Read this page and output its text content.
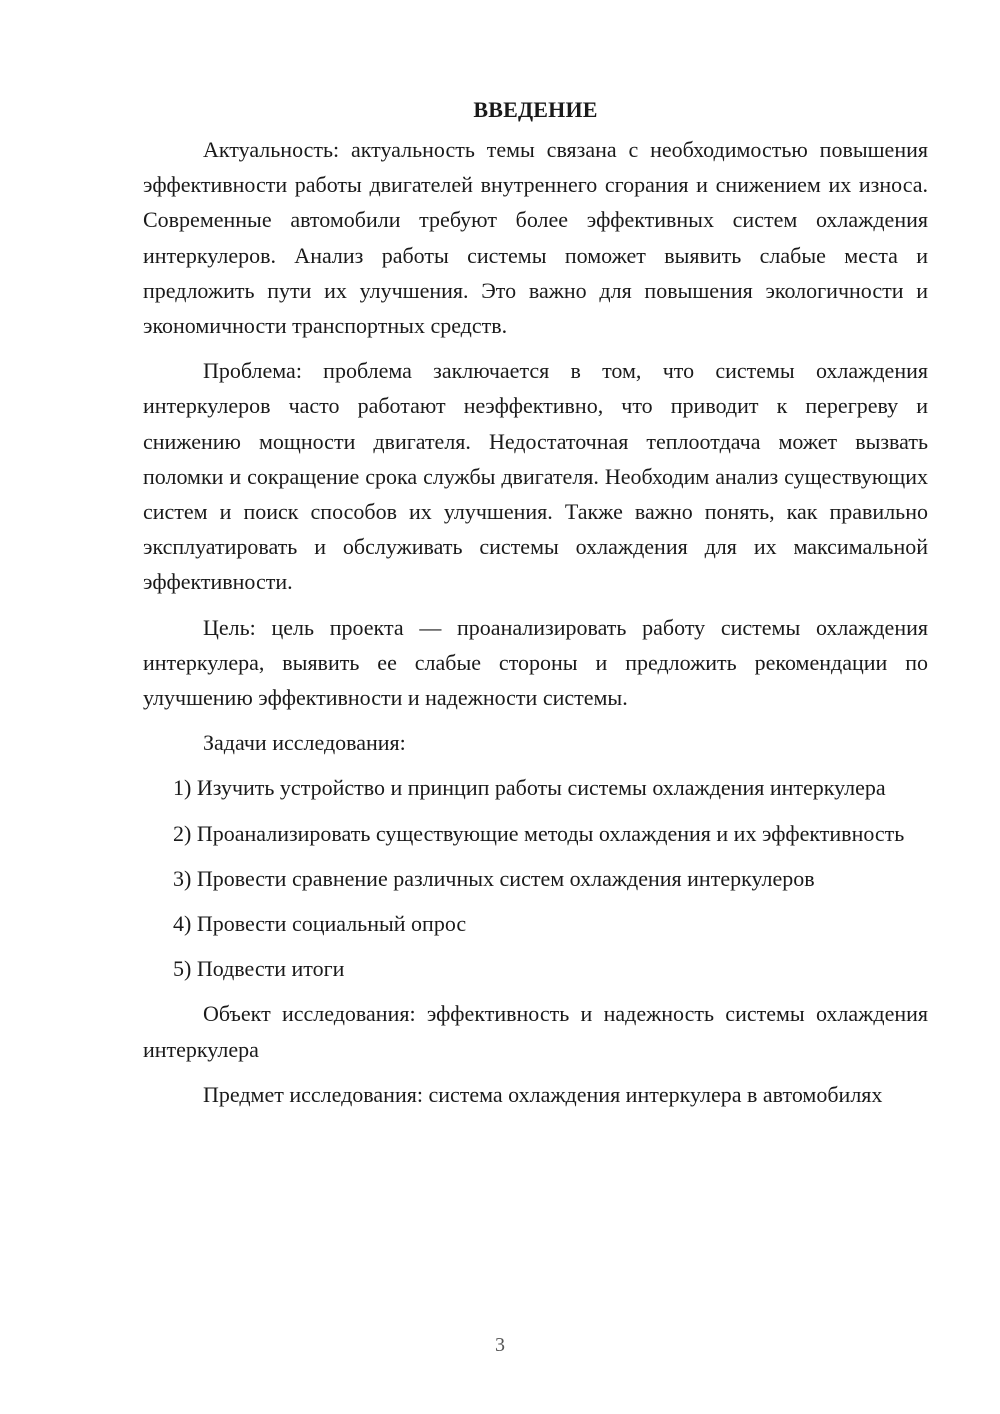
ВВЕДЕНИЕ

Актуальность: актуальность темы связана с необходимостью повышения эффективности работы двигателей внутреннего сгорания и снижением их износа. Современные автомобили требуют более эффективных систем охлаждения интеркулеров. Анализ работы системы поможет выявить слабые места и предложить пути их улучшения. Это важно для повышения экологичности и экономичности транспортных средств.

Проблема: проблема заключается в том, что системы охлаждения интеркулеров часто работают неэффективно, что приводит к перегреву и снижению мощности двигателя. Недостаточная теплоотдача может вызвать поломки и сокращение срока службы двигателя. Необходим анализ существующих систем и поиск способов их улучшения. Также важно понять, как правильно эксплуатировать и обслуживать системы охлаждения для их максимальной эффективности.

Цель: цель проекта — проанализировать работу системы охлаждения интеркулера, выявить ее слабые стороны и предложить рекомендации по улучшению эффективности и надежности системы.

Задачи исследования:

1) Изучить устройство и принцип работы системы охлаждения интеркулера

2) Проанализировать существующие методы охлаждения и их эффективность

3) Провести сравнение различных систем охлаждения интеркулеров

4) Провести социальный опрос

5) Подвести итоги

Объект исследования: эффективность и надежность системы охлаждения интеркулера

Предмет исследования: система охлаждения интеркулера в автомобилях

3
